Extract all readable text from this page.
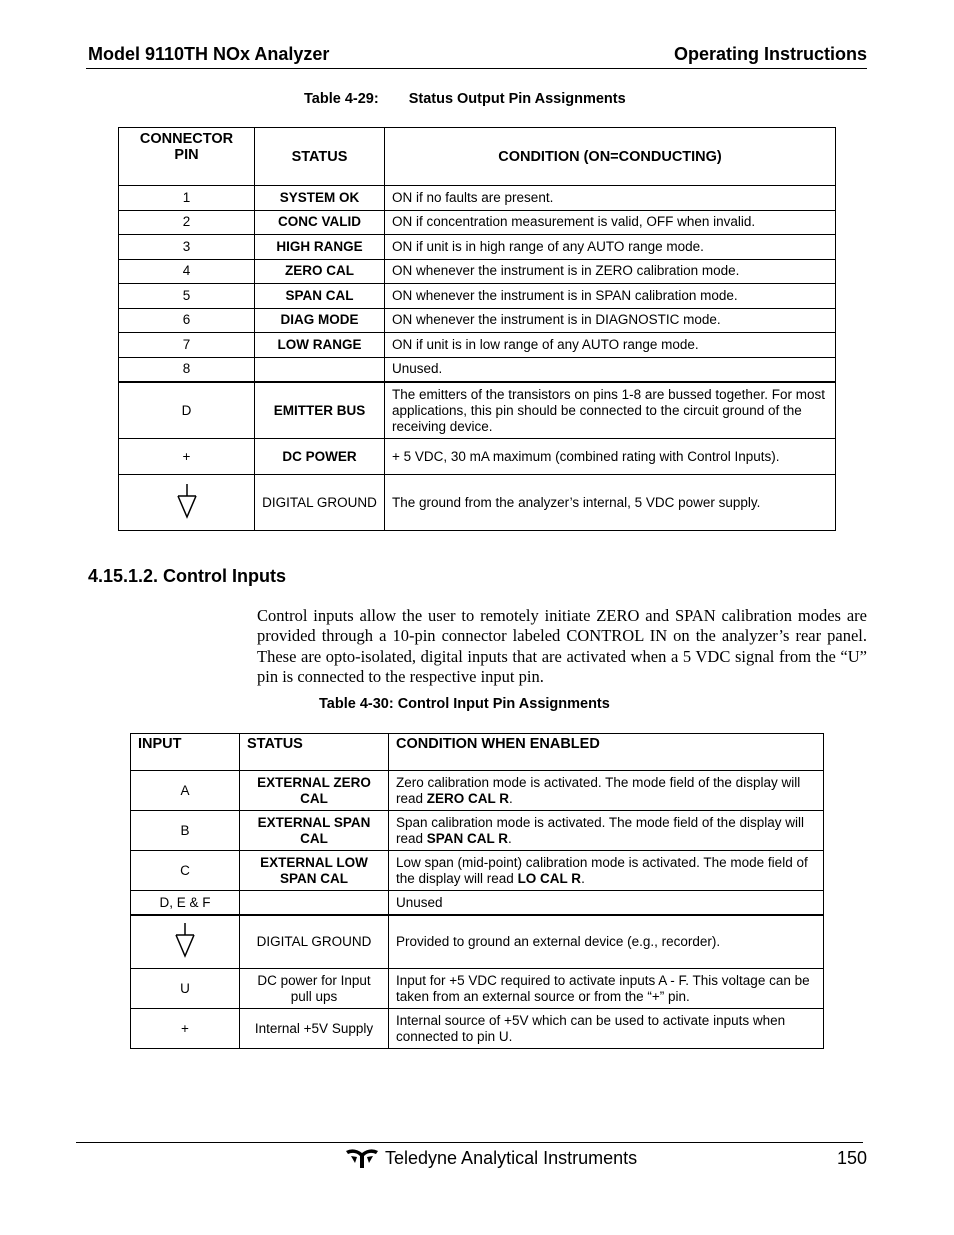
Model 9110TH NOx Analyzer	Operating Instructions
Table 4-29: Status Output Pin Assignments
CONNECTOR PIN	STATUS	CONDITION (ON=CONDUCTING)
1	SYSTEM OK	ON if no faults are present.
2	CONC VALID	ON if concentration measurement is valid, OFF when invalid.
3	HIGH RANGE	ON if unit is in high range of any AUTO range mode.
4	ZERO CAL	ON whenever the instrument is in ZERO calibration mode.
5	SPAN CAL	ON whenever the instrument is in SPAN calibration mode.
6	DIAG MODE	ON whenever the instrument is in DIAGNOSTIC mode.
7	LOW RANGE	ON if unit is in low range of any AUTO range mode.
8		Unused.
D	EMITTER BUS	The emitters of the transistors on pins 1-8 are bussed together. For most applications, this pin should be connected to the circuit ground of the receiving device.
+	DC POWER	+ 5 VDC, 30 mA maximum (combined rating with Control Inputs).
	DIGITAL GROUND	The ground from the analyzer’s internal, 5 VDC power supply.
4.15.1.2. Control Inputs

Control inputs allow the user to remotely initiate ZERO and SPAN calibration modes are provided through a 10-pin connector labeled CONTROL IN on the analyzer’s rear panel. These are opto-isolated, digital inputs that are activated when a 5 VDC signal from the “U” pin is connected to the respective input pin.

Table 4-30: Control Input Pin Assignments
INPUT	STATUS	CONDITION WHEN ENABLED
A	EXTERNAL ZERO CAL	Zero calibration mode is activated. The mode field of the display will read ZERO CAL R.
B	EXTERNAL SPAN CAL	Span calibration mode is activated. The mode field of the display will read SPAN CAL R.
C	EXTERNAL LOW SPAN CAL	Low span (mid-point) calibration mode is activated. The mode field of the display will read LO CAL R.
D, E & F		Unused
	DIGITAL GROUND	Provided to ground an external device (e.g., recorder).
U	DC power for Input pull ups	Input for +5 VDC required to activate inputs A - F. This voltage can be taken from an external source or from the “+” pin.
+	Internal +5V Supply	Internal source of +5V which can be used to activate inputs when connected to pin U.
Teledyne Analytical Instruments	150
